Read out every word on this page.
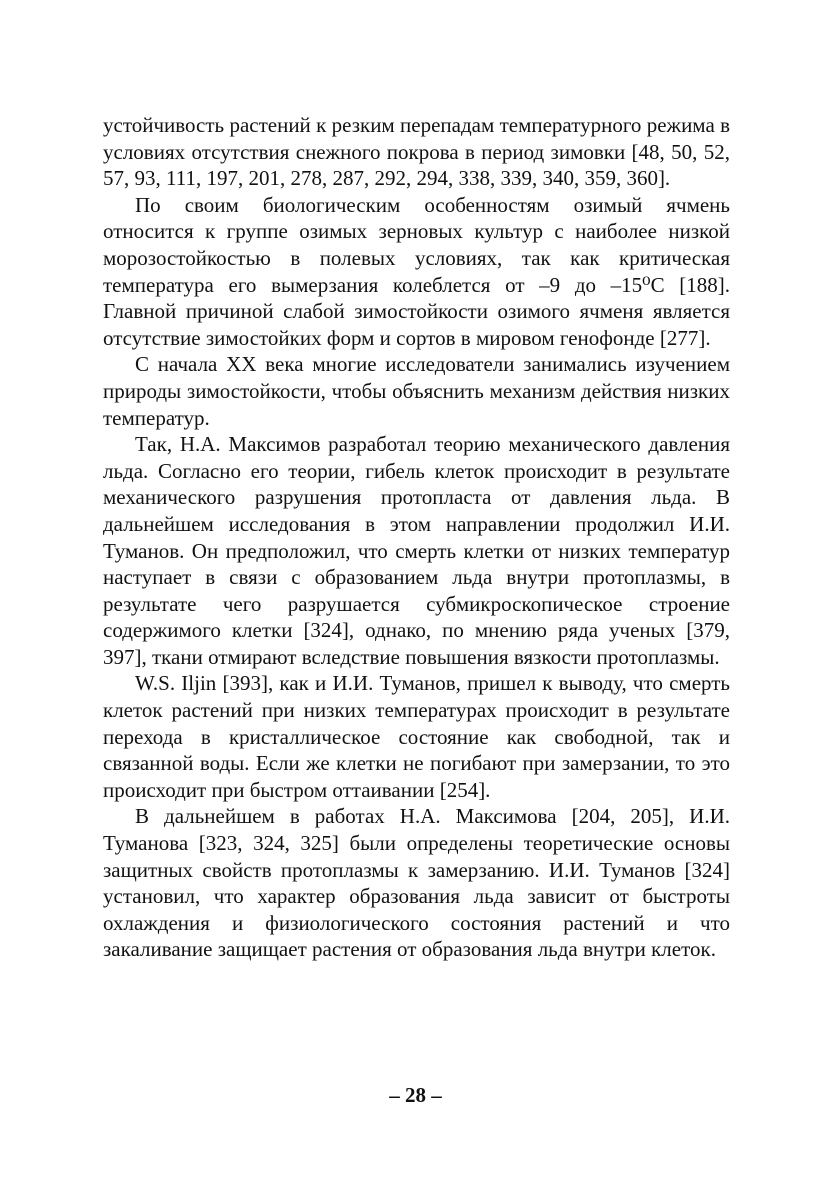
устойчивость растений к резким перепадам температурного режима в условиях отсутствия снежного покрова в период зимовки [48, 50, 52, 57, 93, 111, 197, 201, 278, 287, 292, 294, 338, 339, 340, 359, 360].

По своим биологическим особенностям озимый ячмень относится к группе озимых зерновых культур с наиболее низкой морозостойкостью в полевых условиях, так как критическая температура его вымерзания колеблется от –9 до –15⁰С [188]. Главной причиной слабой зимостойкости озимого ячменя является отсутствие зимостойких форм и сортов в мировом генофонде [277].

С начала ХХ века многие исследователи занимались изучением природы зимостойкости, чтобы объяснить механизм действия низких температур.

Так, Н.А. Максимов разработал теорию механического давления льда. Согласно его теории, гибель клеток происходит в результате механического разрушения протопласта от давления льда. В дальнейшем исследования в этом направлении продолжил И.И. Туманов. Он предположил, что смерть клетки от низких температур наступает в связи с образованием льда внутри протоплазмы, в результате чего разрушается субмикроскопическое строение содержимого клетки [324], однако, по мнению ряда ученых [379, 397], ткани отмирают вследствие повышения вязкости протоплазмы.

W.S. Iljin [393], как и И.И. Туманов, пришел к выводу, что смерть клеток растений при низких температурах происходит в результате перехода в кристаллическое состояние как свободной, так и связанной воды. Если же клетки не погибают при замерзании, то это происходит при быстром оттаивании [254].

В дальнейшем в работах Н.А. Максимова [204, 205], И.И. Туманова [323, 324, 325] были определены теоретические основы защитных свойств протоплазмы к замерзанию. И.И. Туманов [324] установил, что характер образования льда зависит от быстроты охлаждения и физиологического состояния растений и что закаливание защищает растения от образования льда внутри клеток.

– 28 –
